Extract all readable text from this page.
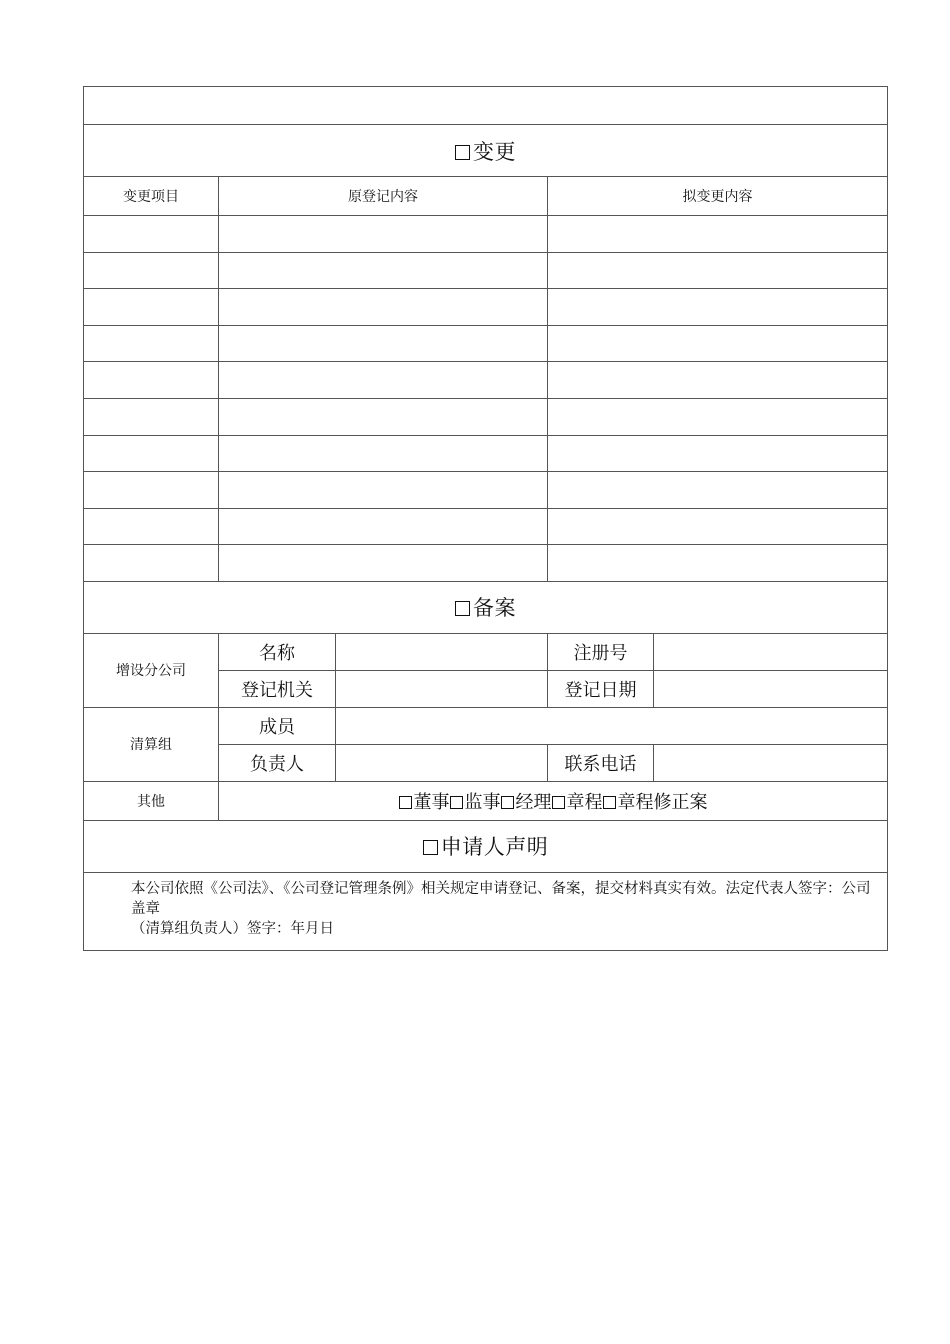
变更				
变更项目	原登记内容		拟变更内容	

备案				
增设分公司	名称		注册号	
	登记机关		登记日期	
清算组	成员			
	负责人		联系电话	
其他	董事 监事 经理 章程 章程修正案			
申请人声明				

本公司依照《公司法》、《公司登记管理条例》相关规定申请登记、备案，提交材料真实有效。法定代表人签字：公司盖章
（清算组负责人）签字：年月日				
